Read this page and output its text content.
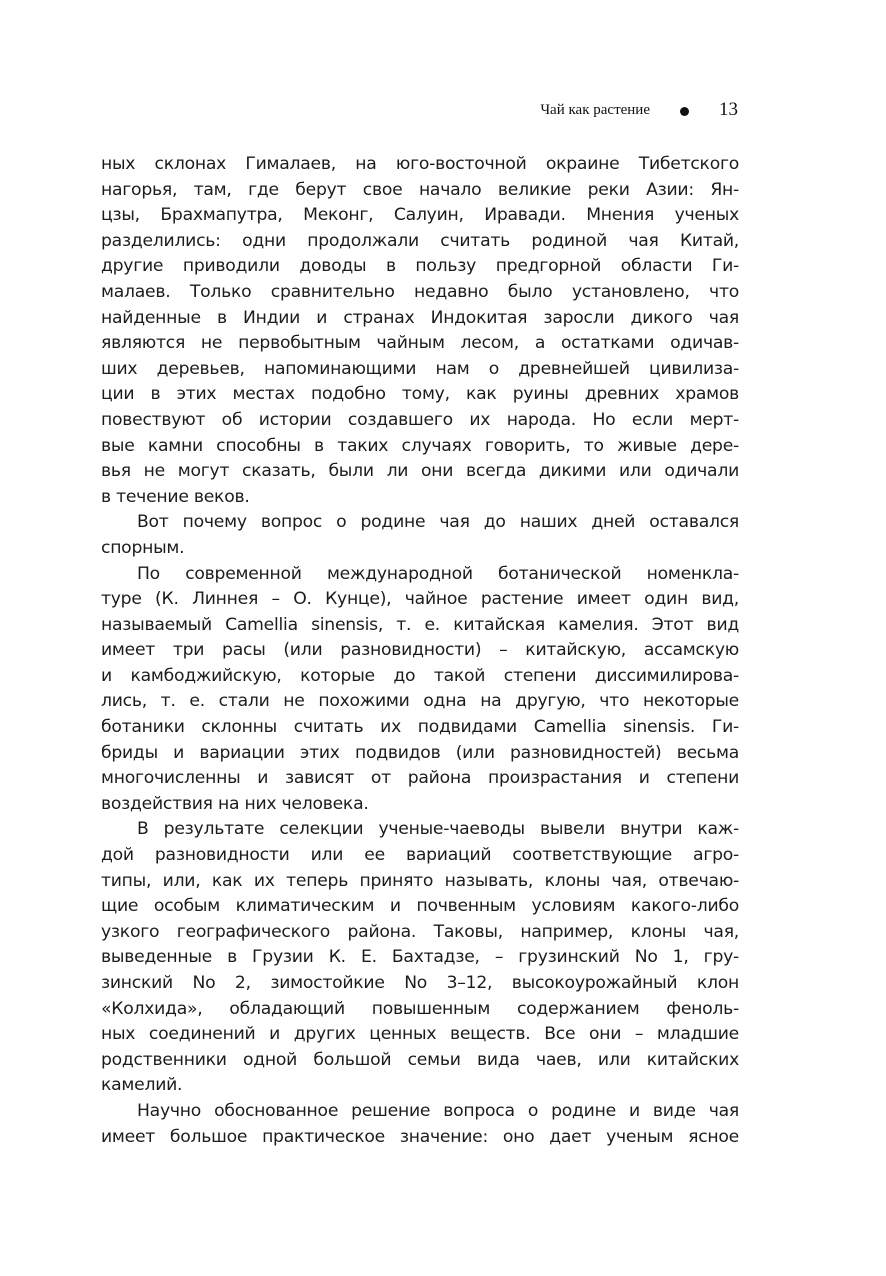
Чай как растение	13
ных склонах Гималаев, на юго-восточной окраине Тибетского
нагорья, там, где берут свое начало великие реки Азии: Ян-
цзы, Брахмапутра, Меконг, Салуин, Иравади. Мнения ученых
разделились: одни продолжали считать родиной чая Китай,
другие приводили доводы в пользу предгорной области Ги-
малаев. Только сравнительно недавно было установлено, что
найденные в Индии и странах Индокитая заросли дикого чая
являются не первобытным чайным лесом, а остатками одичав-
ших деревьев, напоминающими нам о древнейшей цивилиза-
ции в этих местах подобно тому, как руины древних храмов
повествуют об истории создавшего их народа. Но если мерт-
вые камни способны в таких случаях говорить, то живые дере-
вья не могут сказать, были ли они всегда дикими или одичали
в течение веков.
Вот почему вопрос о родине чая до наших дней оставался
спорным.
По современной международной ботанической номенкла-
туре (К. Линнея – О. Кунце), чайное растение имеет один вид,
называемый Camellia sinensis, т. е. китайская камелия. Этот вид
имеет три расы (или разновидности) – китайскую, ассамскую
и камбоджийскую, которые до такой степени диссимилирова-
лись, т. е. стали не похожими одна на другую, что некоторые
ботаники склонны считать их подвидами Camellia sinensis. Ги-
бриды и вариации этих подвидов (или разновидностей) весьма
многочисленны и зависят от района произрастания и степени
воздействия на них человека.
В результате селекции ученые-чаеводы вывели внутри каж-
дой разновидности или ее вариаций соответствующие агро-
типы, или, как их теперь принято называть, клоны чая, отвечаю-
щие особым климатическим и почвенным условиям какого-либо
узкого географического района. Таковы, например, клоны чая,
выведенные в Грузии К. Е. Бахтадзе, – грузинский No 1, гру-
зинский No 2, зимостойкие No 3–12, высокоурожайный клон
«Колхида», обладающий повышенным содержанием феноль-
ных соединений и других ценных веществ. Все они – младшие
родственники одной большой семьи вида чаев, или китайских
камелий.
Научно обоснованное решение вопроса о родине и виде чая
имеет большое практическое значение: оно дает ученым ясное
